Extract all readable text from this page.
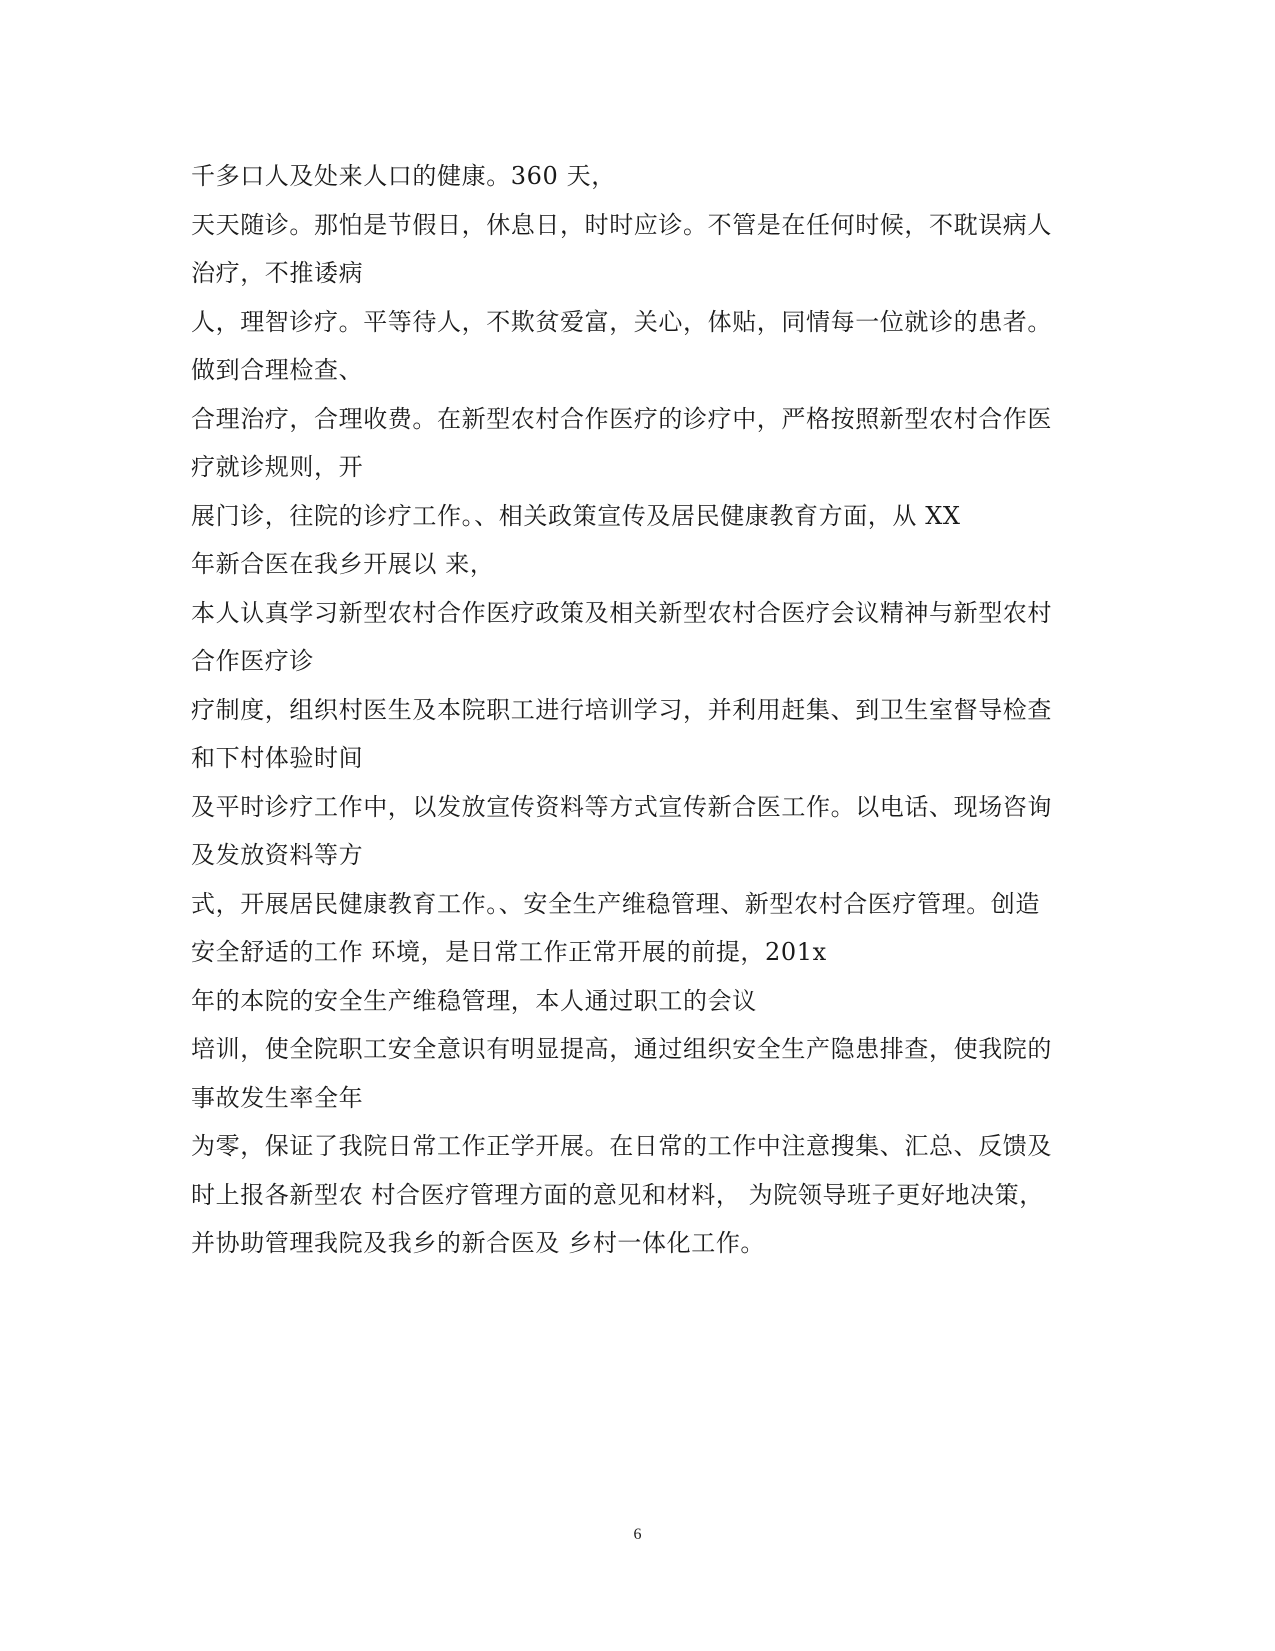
千多口人及处来人口的健康。360 天，
天天随诊。那怕是节假日，休息日，时时应诊。不管是在任何时候，不耽误病人
治疗，不推诿病
人，理智诊疗。平等待人，不欺贫爱富，关心，体贴，同情每一位就诊的患者。
做到合理检查、
合理治疗，合理收费。在新型农村合作医疗的诊疗中，严格按照新型农村合作医
疗就诊规则，开
展门诊，往院的诊疗工作。、相关政策宣传及居民健康教育方面，从 XX
年新合医在我乡开展以 来，
本人认真学习新型农村合作医疗政策及相关新型农村合医疗会议精神与新型农村
合作医疗诊
疗制度，组织村医生及本院职工进行培训学习，并利用赶集、到卫生室督导检查
和下村体验时间
及平时诊疗工作中，以发放宣传资料等方式宣传新合医工作。以电话、现场咨询
及发放资料等方
式，开展居民健康教育工作。、安全生产维稳管理、新型农村合医疗管理。创造
安全舒适的工作 环境，是日常工作正常开展的前提，201x
年的本院的安全生产维稳管理，本人通过职工的会议
培训，使全院职工安全意识有明显提高，通过组织安全生产隐患排查，使我院的
事故发生率全年
为零，保证了我院日常工作正学开展。在日常的工作中注意搜集、汇总、反馈及
时上报各新型农 村合医疗管理方面的意见和材料， 为院领导班子更好地决策，
并协助管理我院及我乡的新合医及 乡村一体化工作。
6
